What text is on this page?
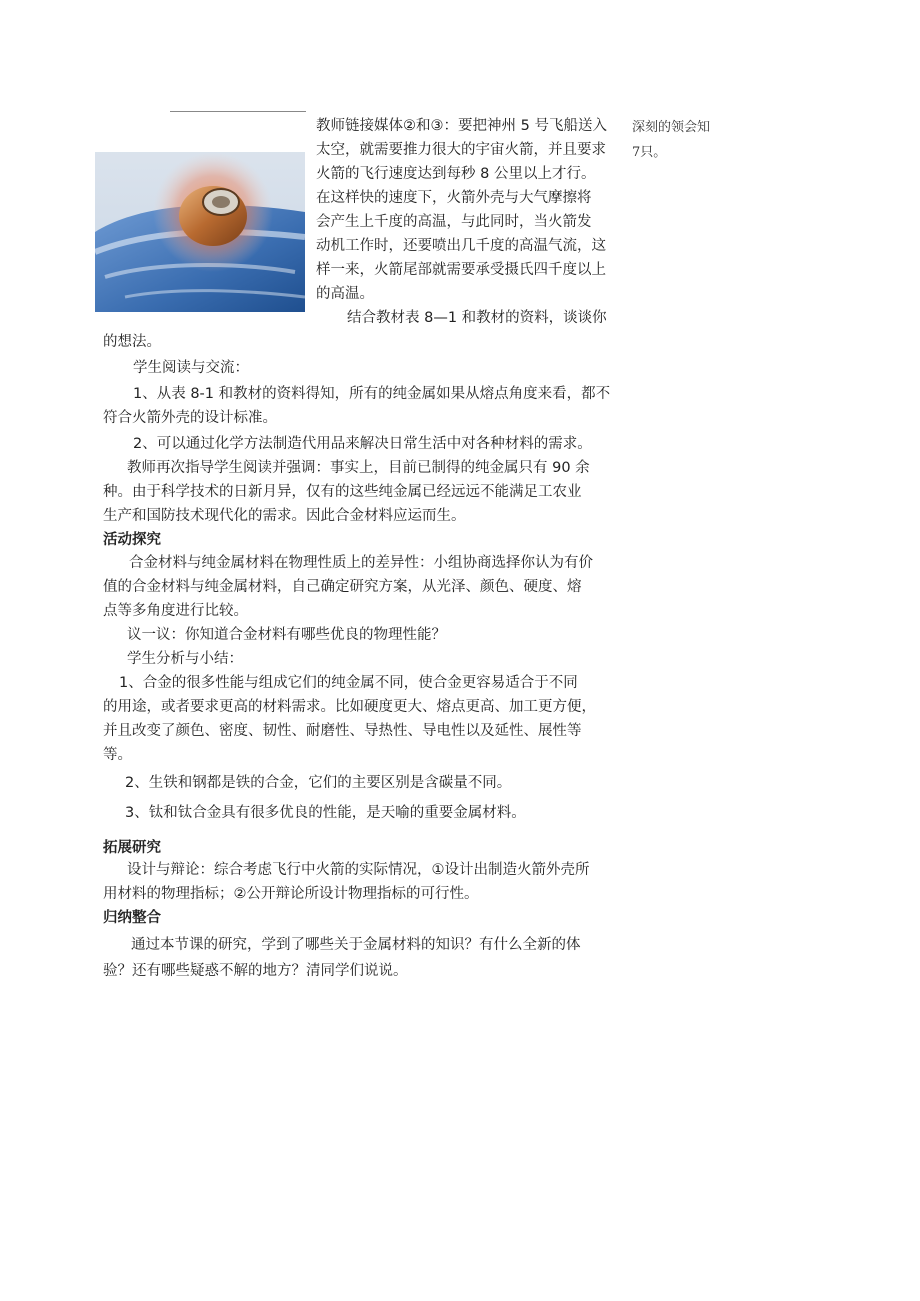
教师链接媒体②和③：要把神州 5 号飞船送入
太空，就需要推力很大的宇宙火箭，并且要求
火箭的飞行速度达到每秒 8 公里以上才行。
在这样快的速度下，火箭外壳与大气摩擦将
会产生上千度的高温，与此同时，当火箭发
动机工作时，还要喷出几千度的高温气流，这
样一来，火箭尾部就需要承受摄氏四千度以上
的高温。
结合教材表 8—1 和教材的资料，谈谈你
深刻的领会知
7只。
的想法。
学生阅读与交流：
1、从表 8-1 和教材的资料得知，所有的纯金属如果从熔点角度来看，都不
符合火箭外壳的设计标准。
2、可以通过化学方法制造代用品来解决日常生活中对各种材料的需求。
教师再次指导学生阅读并强调：事实上，目前已制得的纯金属只有 90 余
种。由于科学技术的日新月异，仅有的这些纯金属已经远远不能满足工农业
生产和国防技术现代化的需求。因此合金材料应运而生。
活动探究
合金材料与纯金属材料在物理性质上的差异性：小组协商选择你认为有价
值的合金材料与纯金属材料，自己确定研究方案，从光泽、颜色、硬度、熔
点等多角度进行比较。
议一议：你知道合金材料有哪些优良的物理性能？
学生分析与小结：
1、合金的很多性能与组成它们的纯金属不同，使合金更容易适合于不同
的用途，或者要求更高的材料需求。比如硬度更大、熔点更高、加工更方便，
并且改变了颜色、密度、韧性、耐磨性、导热性、导电性以及延性、展性等
等。
2、生铁和钢都是铁的合金，它们的主要区别是含碳量不同。
3、钛和钛合金具有很多优良的性能，是天喻的重要金属材料。
拓展研究
设计与辩论：综合考虑飞行中火箭的实际情况，①设计出制造火箭外壳所
用材料的物理指标；②公开辩论所设计物理指标的可行性。
归纳整合
通过本节课的研究，学到了哪些关于金属材料的知识？有什么全新的体
验？还有哪些疑惑不解的地方？清同学们说说。
